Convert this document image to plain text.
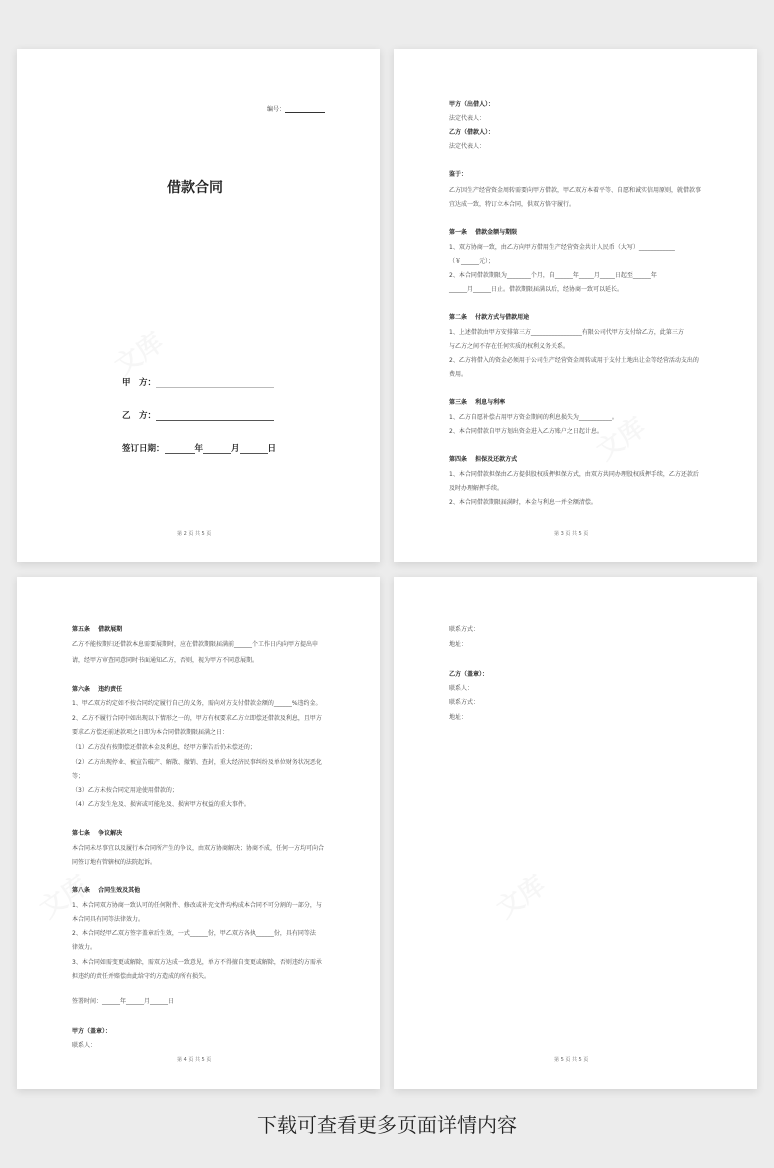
编号：
借款合同
甲　方：
乙　方：
签订日期：	年	月	日
第 2 页 共 5 页
甲方（出借人）：
法定代表人：
乙方（借款人）：
法定代表人：
鉴于：
乙方因生产经营资金周转需要向甲方借款，甲乙双方本着平等、自愿和诚实信用原则，就借款事
宜达成一致，特订立本合同，供双方恪守履行。
第一条　 借款金额与期限
1、双方协商一致，由乙方向甲方借用生产经营资金共计人民币（大写）____________
（￥______元）；
2、本合同借款期限为________个月，自______年_____月_____日起至______年
______月______日止。借款期限届满以后，经协商一致可以延长。
第二条　 付款方式与借款用途
1、上述借款由甲方安排第三方_________________有限公司代甲方支付给乙方，此第三方
与乙方之间不存在任何实质的权利义务关系。
2、乙方将借入的资金必须用于公司生产经营资金周转或用于支付土地出让金等经营活动支出的
费用。
第三条　 利息与利率
1、乙方自愿补偿占用甲方资金期间的利息损失为___________。
2、本合同借款自甲方划出资金进入乙方账户之日起计息。
第四条　 担保及还款方式
1、本合同借款担保由乙方提供股权质押担保方式，由双方共同办理股权质押手续，乙方还款后
及时办理解押手续。
2、本合同借款期限届满时，本金与利息一并全额清偿。
第 3 页 共 5 页
第五条　 借款展期
乙方不能按期归还借款本息需要展期时，应在借款期限届满前______个工作日内向甲方提出申
请，经甲方审查同意同时书面通知乙方，否则，视为甲方不同意展期。
第六条　 违约责任
1、甲乙双方约定如不按合同约定履行自己的义务，需向对方支付借款金额的______%违约金。
2、乙方不履行合同中如出现以下情形之一的，甲方有权要求乙方立即偿还借款及利息，且甲方
要求乙方偿还前述款项之日即为本合同借款期限届满之日：
（1）乙方没有按期偿还借款本金及利息，经甲方催告后仍未偿还的；
（2）乙方出现停业、被宣告破产、解散、撤销、查封，重大经济民事纠纷及单位财务状况恶化
等；
（3）乙方未按合同定用途使用借款的；
（4）乙方发生危及、损害或可能危及、损害甲方权益的重大事件。
第七条　 争议解决
本合同未尽事宜以及履行本合同所产生的争议，由双方协商解决；协商不成，任何一方均可向合
同签订地有管辖权的法院起诉。
第八条　 合同生效及其他
1、本合同双方协商一致认可的任何附件、修改或补充文件均构成本合同不可分割的一部分，与
本合同具有同等法律效力。
2、本合同经甲乙双方签字盖章后生效，一式______份，甲乙双方各执______份，具有同等法
律效力。
3、本合同如需变更或解除，需双方达成一致意见，单方不得擅自变更或解除，否则违约方需承
担违约的责任并赔偿由此给守约方造成的所有损失。
签署时间：______年______月______日
甲方（盖章）：
联系人：
第 4 页 共 5 页
联系方式：
地址：
乙方（盖章）：
联系人：
联系方式：
地址：
第 5 页 共 5 页
下载可查看更多页面详情内容
